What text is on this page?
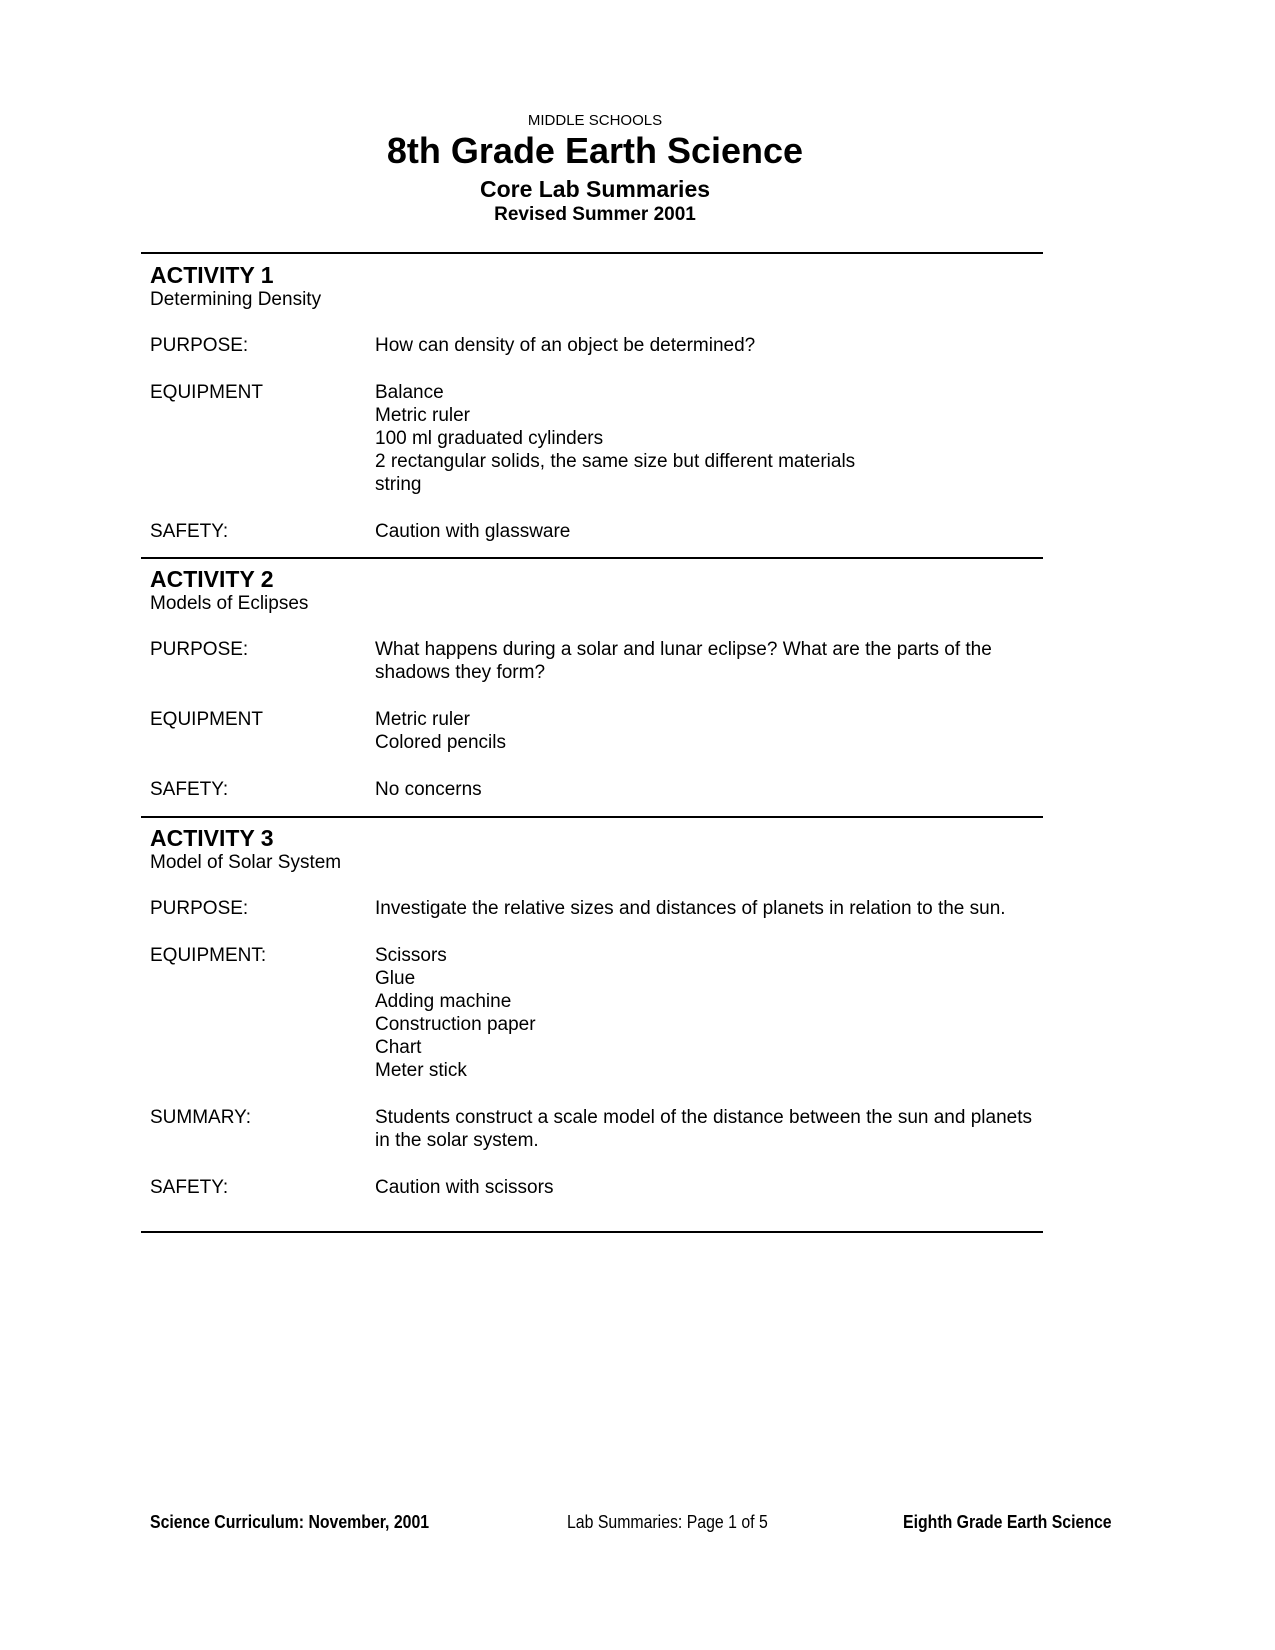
MIDDLE SCHOOLS
8th Grade Earth Science
Core Lab Summaries
Revised Summer 2001

ACTIVITY 1

Determining Density

PURPOSE:	How can density of an object be determined?
EQUIPMENT	Balance
Metric ruler
100 ml graduated cylinders
2 rectangular solids, the same size but different materials
string
SAFETY:	Caution with glassware

ACTIVITY 2

Models of Eclipses

PURPOSE:	What happens during a solar and lunar eclipse? What are the parts of the shadows they form?
EQUIPMENT	Metric ruler
Colored pencils
SAFETY:	No concerns

ACTIVITY 3

Model of Solar System

PURPOSE:	Investigate the relative sizes and distances of planets in relation to the sun.
EQUIPMENT:	Scissors
Glue
Adding machine
Construction paper
Chart
Meter stick
SUMMARY:	Students construct a scale model of the distance between the sun and planets in the solar system.
SAFETY:	Caution with scissors
Science Curriculum: November, 2001	Lab Summaries: Page 1 of 5	Eighth Grade Earth Science
